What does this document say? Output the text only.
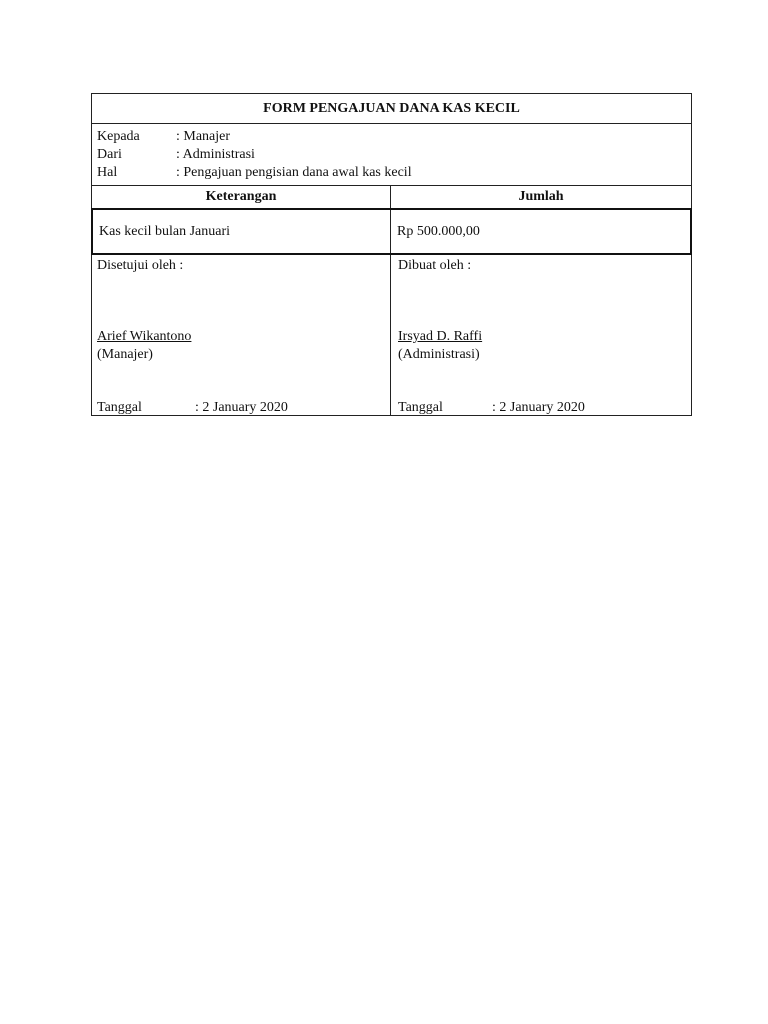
FORM PENGAJUAN DANA KAS KECIL
Kepada	: Manajer
Dari	: Administrasi
Hal	: Pengajuan pengisian dana awal kas kecil
Keterangan	Jumlah
Kas kecil bulan Januari	Rp 500.000,00
Disetujui oleh :
Arief Wikantono
(Manajer)
Tanggal	: 2 January 2020
Dibuat oleh :
Irsyad D. Raffi
(Administrasi)
Tanggal	: 2 January 2020
